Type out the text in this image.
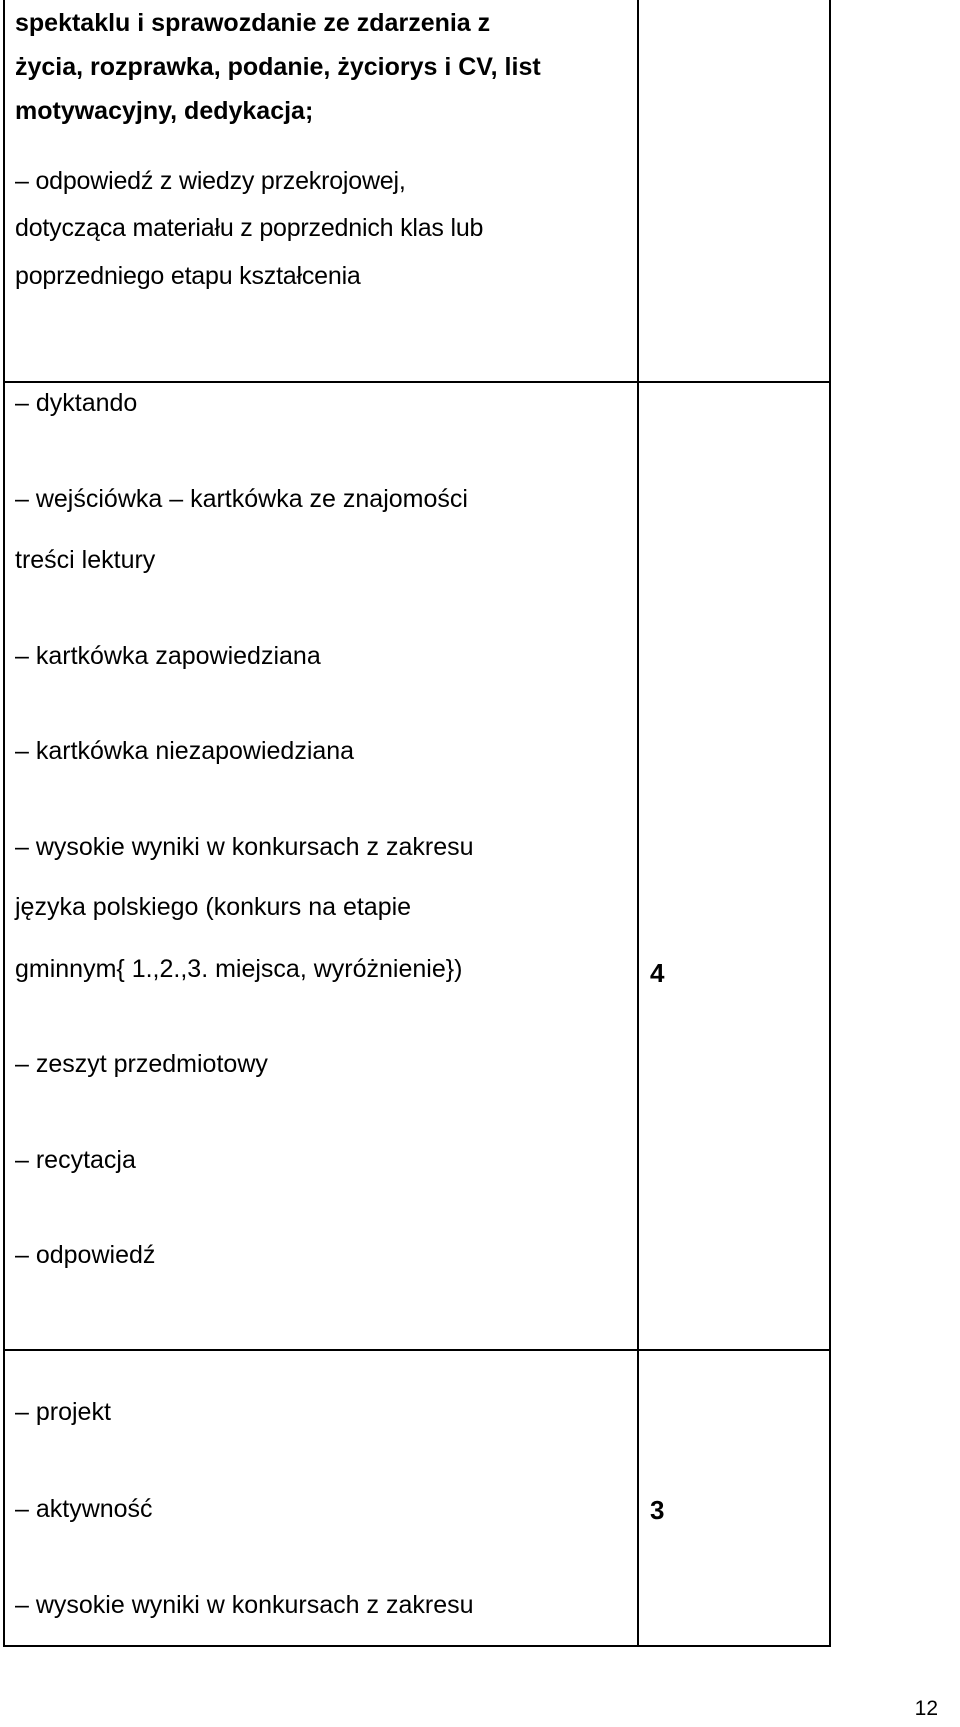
spektaklu i sprawozdanie ze zdarzenia z
życia, rozprawka, podanie, życiorys i CV, list
motywacyjny, dedykacja;
– odpowiedź z wiedzy przekrojowej,
dotycząca materiału z poprzednich klas lub
poprzedniego etapu kształcenia
– dyktando
– wejściówka – kartkówka ze znajomości
treści lektury
– kartkówka zapowiedziana
– kartkówka niezapowiedziana
– wysokie wyniki w konkursach z zakresu
języka polskiego (konkurs na etapie
gminnym{ 1.,2.,3. miejsca, wyróżnienie})
– zeszyt przedmiotowy
– recytacja
– odpowiedź
4
– projekt
– aktywność
– wysokie wyniki w konkursach z zakresu
3
12
